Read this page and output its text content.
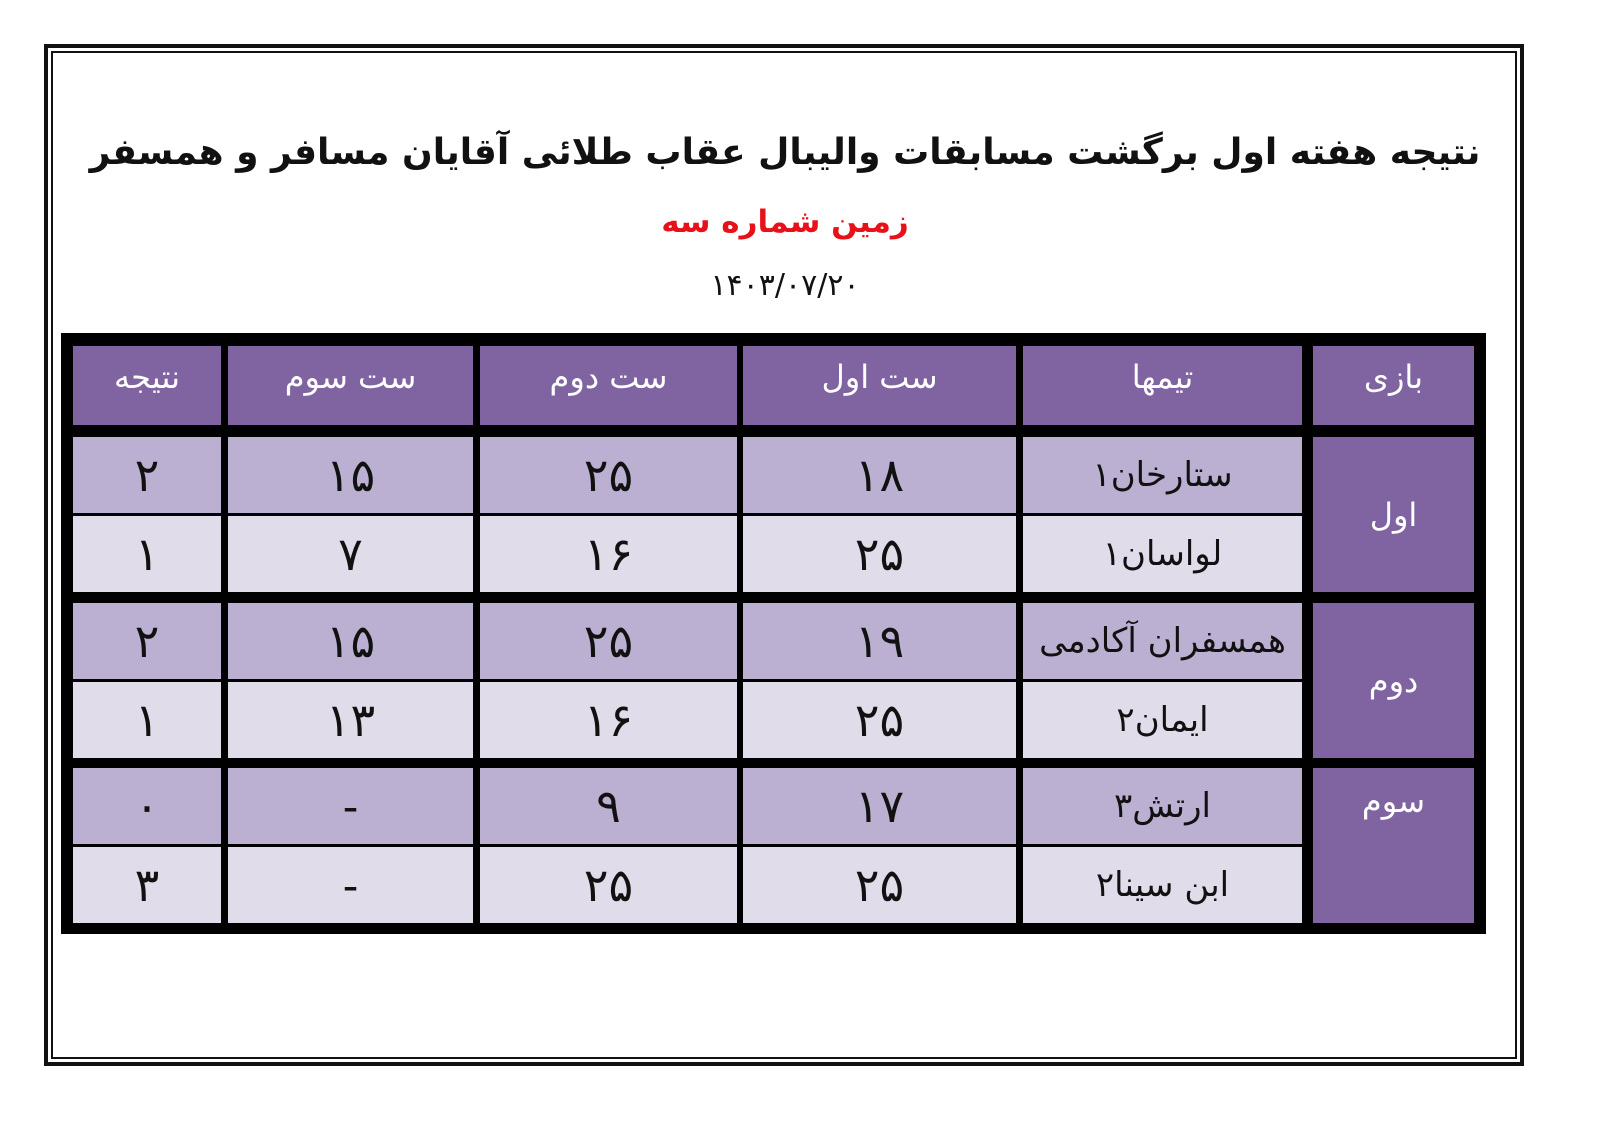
نتیجه هفته اول برگشت مسابقات والیبال عقاب طلائی آقایان مسافر و همسفر
زمین شماره سه
۱۴۰۳/۰۷/۲۰
بازی
تیمها
ست اول
ست دوم
ست سوم
نتیجه
اول
ستارخان۱
۱۸
۲۵
۱۵
۲
لواسان۱
۲۵
۱۶
۷
۱
دوم
همسفران آکادمی
۱۹
۲۵
۱۵
۲
ایمان۲
۲۵
۱۶
۱۳
۱
سوم
ارتش۳
۱۷
۹
-
۰
ابن سینا۲
۲۵
۲۵
-
۳
